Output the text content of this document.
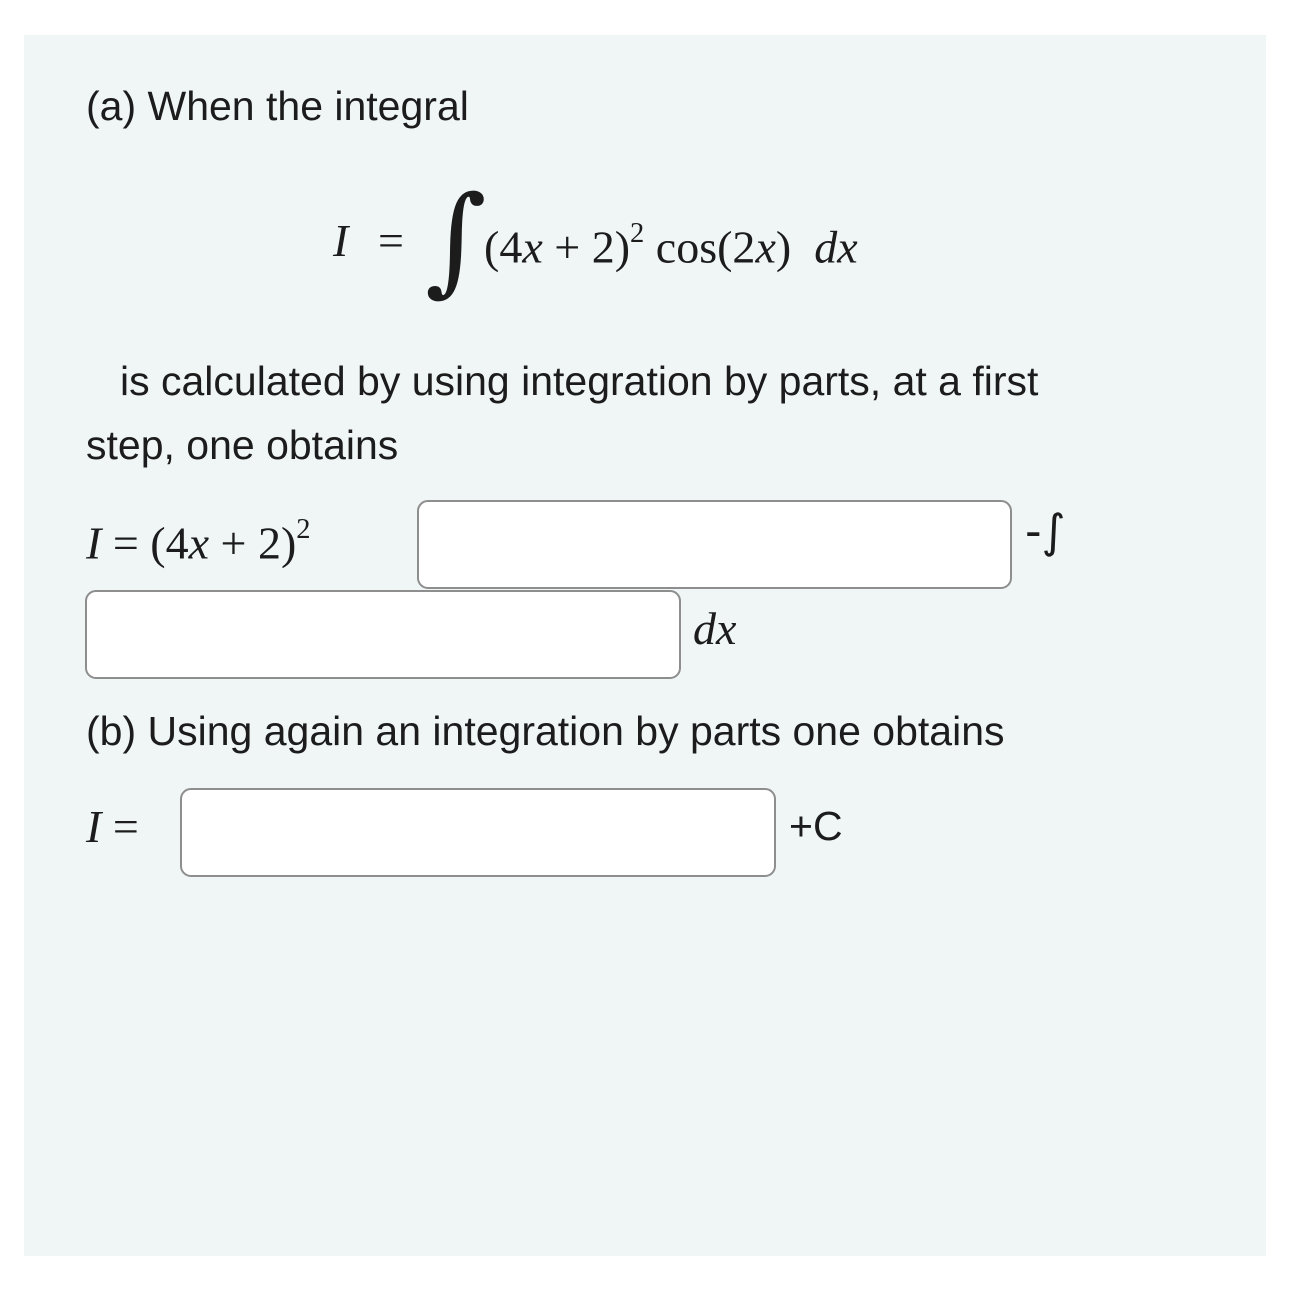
(a) When the integral
I = ∫
$(4x + 2)^2$ cos(2x) dx
is calculated by using integration by parts, at a first
step, one obtains
$I = (4x + 2)^2$	-∫
dx
(b) Using again an integration by parts one obtains
I =	+C
